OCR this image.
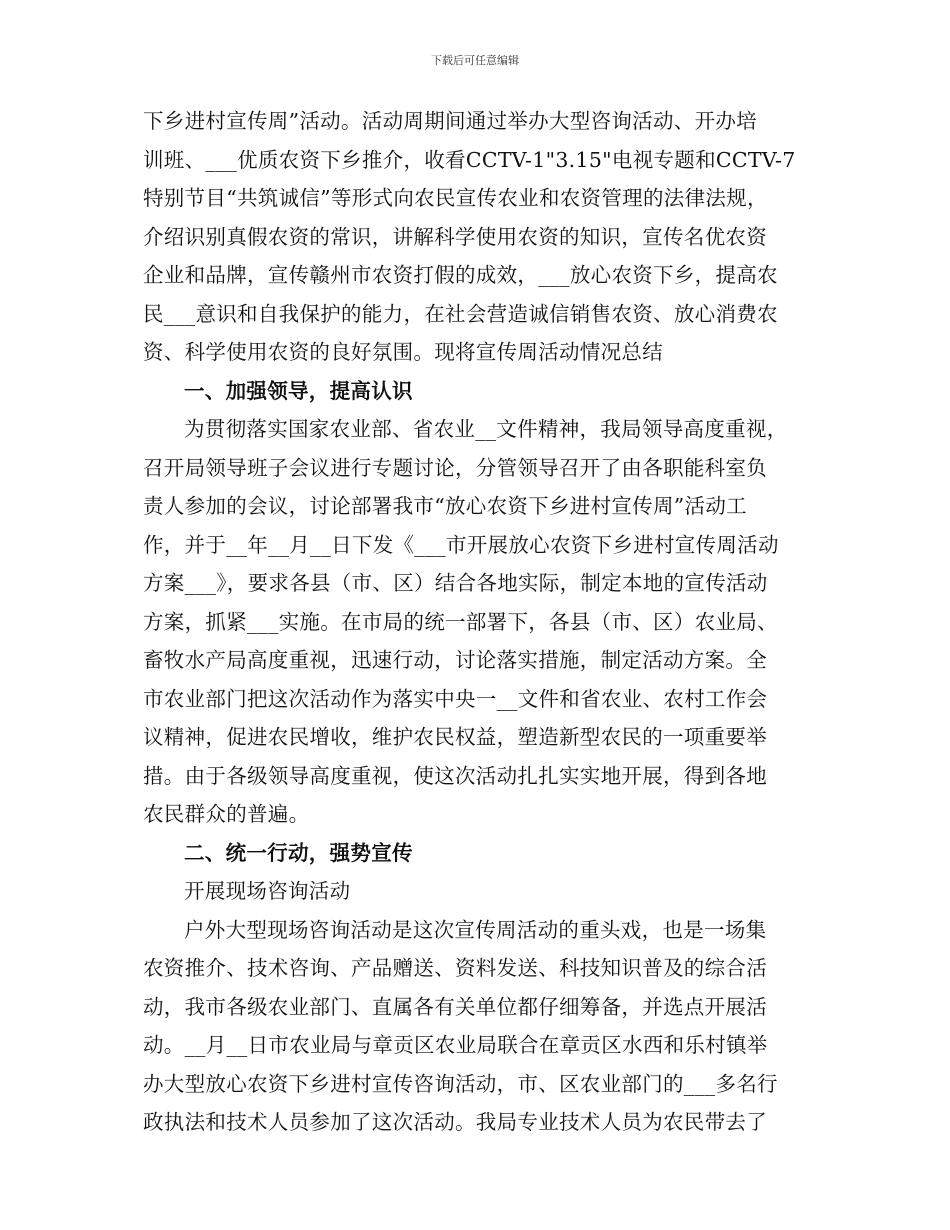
下载后可任意编辑
下乡进村宣传周”活动。活动周期间通过举办大型咨询活动、开办培
训班、___优质农资下乡推介，收看CCTV-1"3.15"电视专题和CCTV-7
特别节目“共筑诚信”等形式向农民宣传农业和农资管理的法律法规，
介绍识别真假农资的常识，讲解科学使用农资的知识，宣传名优农资
企业和品牌，宣传赣州市农资打假的成效，___放心农资下乡，提高农
民___意识和自我保护的能力，在社会营造诚信销售农资、放心消费农
资、科学使用农资的良好氛围。现将宣传周活动情况总结
一、加强领导，提高认识
为贯彻落实国家农业部、省农业__文件精神，我局领导高度重视，
召开局领导班子会议进行专题讨论，分管领导召开了由各职能科室负
责人参加的会议，讨论部署我市“放心农资下乡进村宣传周”活动工
作，并于__年__月__日下发《___市开展放心农资下乡进村宣传周活动
方案___》，要求各县（市、区）结合各地实际，制定本地的宣传活动
方案，抓紧___实施。在市局的统一部署下，各县（市、区）农业局、
畜牧水产局高度重视，迅速行动，讨论落实措施，制定活动方案。全
市农业部门把这次活动作为落实中央一__文件和省农业、农村工作会
议精神，促进农民增收，维护农民权益，塑造新型农民的一项重要举
措。由于各级领导高度重视，使这次活动扎扎实实地开展，得到各地
农民群众的普遍。
二、统一行动，强势宣传
开展现场咨询活动
户外大型现场咨询活动是这次宣传周活动的重头戏，也是一场集
农资推介、技术咨询、产品赠送、资料发送、科技知识普及的综合活
动，我市各级农业部门、直属各有关单位都仔细筹备，并选点开展活
动。__月__日市农业局与章贡区农业局联合在章贡区水西和乐村镇举
办大型放心农资下乡进村宣传咨询活动，市、区农业部门的___多名行
政执法和技术人员参加了这次活动。我局专业技术人员为农民带去了
